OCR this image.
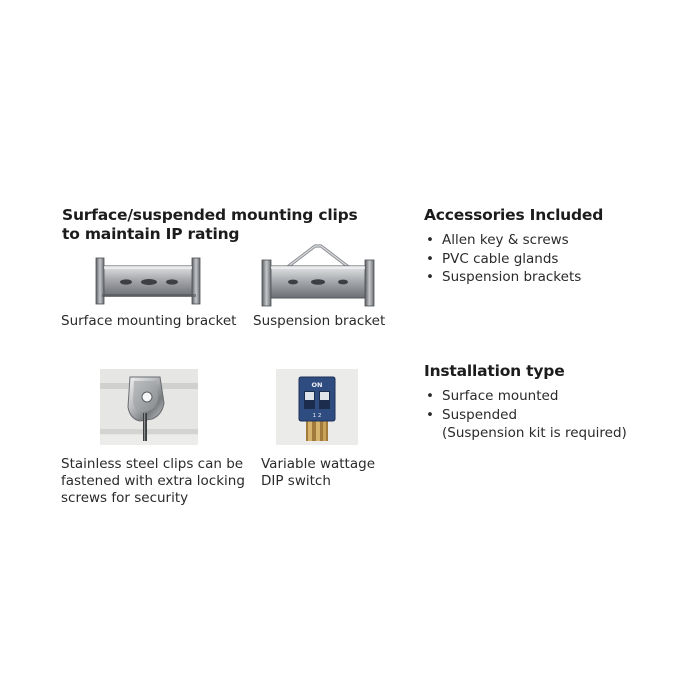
Surface/suspended mounting clips
to maintain IP rating
Surface mounting bracket Suspension bracket
Stainless steel clips can be
fastened with extra locking
screws for security
ON
1 2
Variable wattage
DIP switch
Accessories Included
• Allen key & screws
• PVC cable glands
• Suspension brackets
Installation type
• Surface mounted
• Suspended
(Suspension kit is required)
